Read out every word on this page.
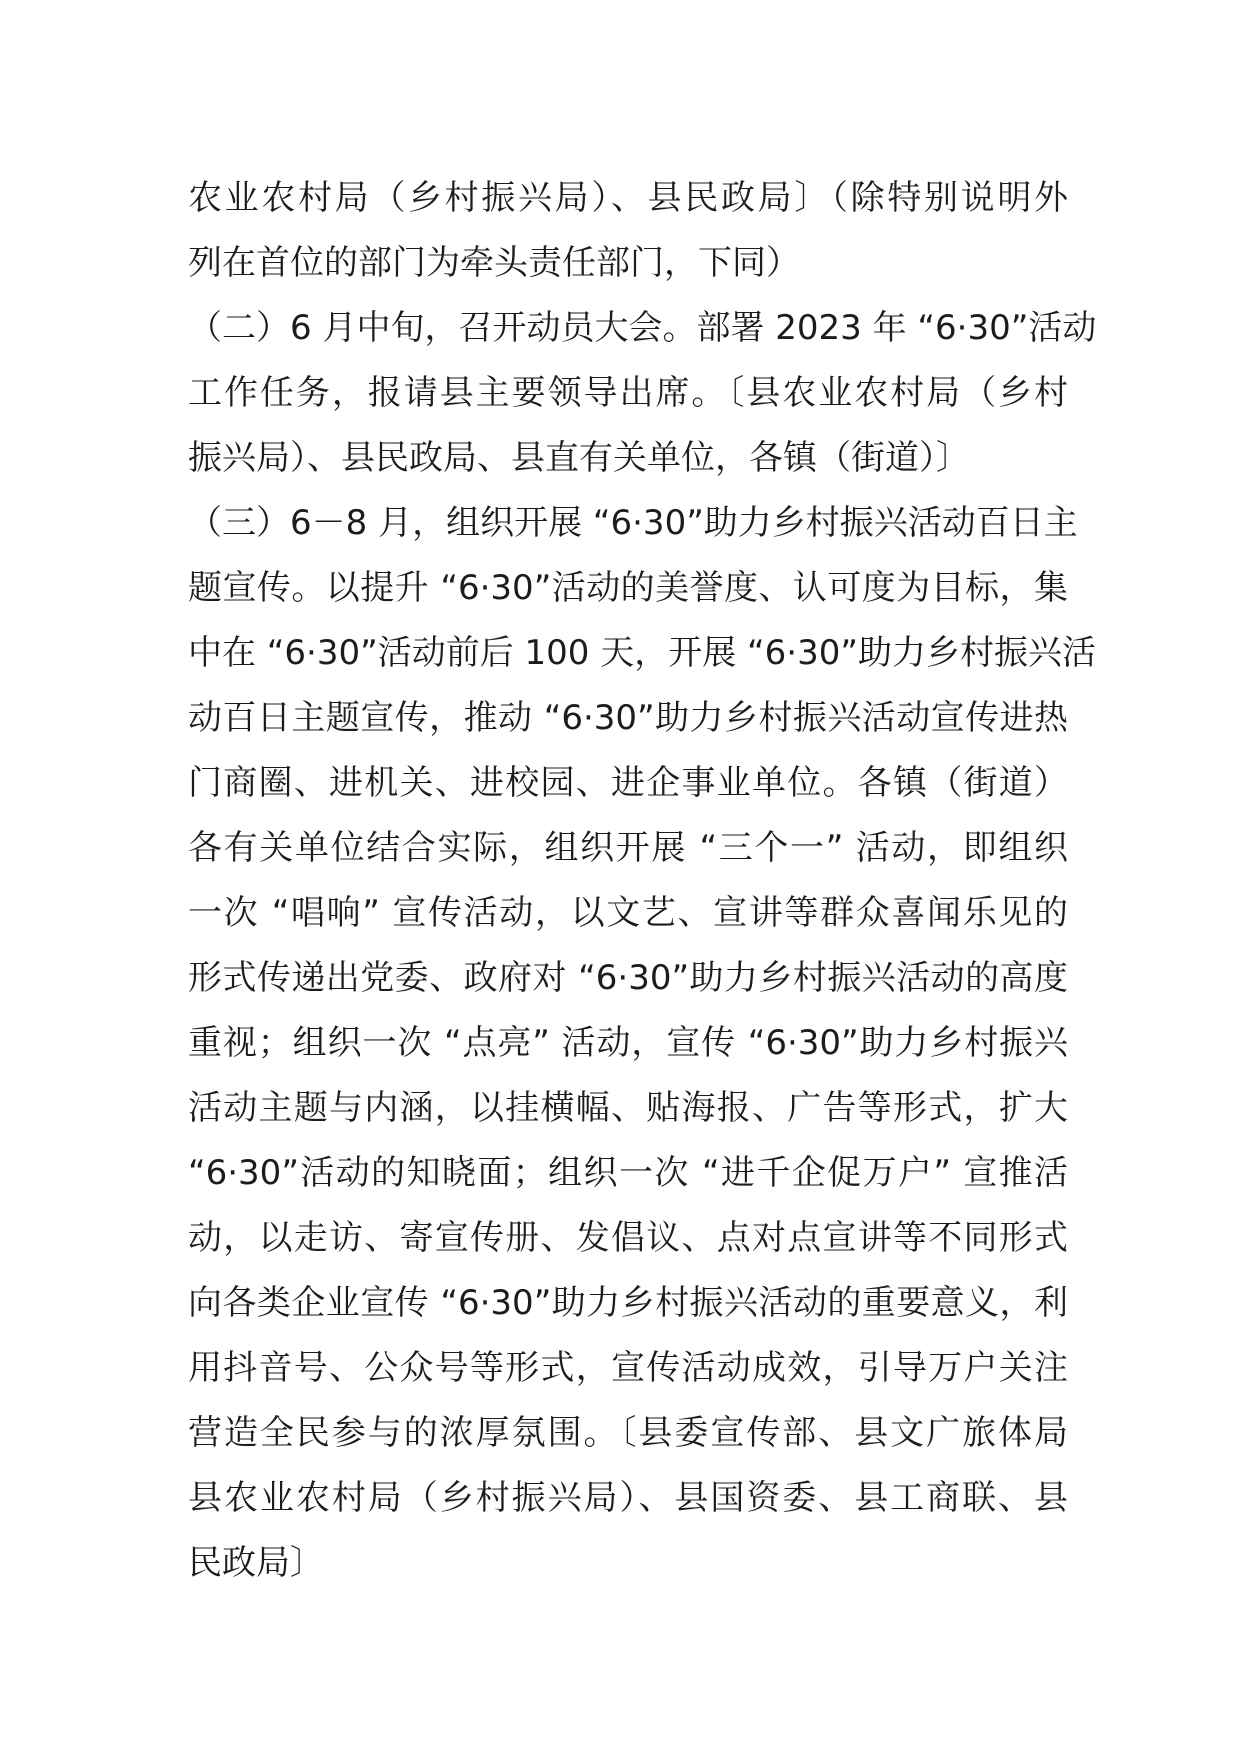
农业农村局（乡村振兴局）、县民政局〕（除特别说明外
列在首位的部门为牵头责任部门，下同）
（二）6 月中旬，召开动员大会。部署 2023 年 “6·30”活动
工作任务，报请县主要领导出席。〔县农业农村局（乡村
振兴局）、县民政局、县直有关单位，各镇（街道）〕
（三）6－8 月，组织开展 “6·30”助力乡村振兴活动百日主
题宣传。以提升 “6·30”活动的美誉度、认可度为目标，集
中在 “6·30”活动前后 100 天，开展 “6·30”助力乡村振兴活
动百日主题宣传，推动 “6·30”助力乡村振兴活动宣传进热
门商圈、进机关、进校园、进企事业单位。各镇（街道）
各有关单位结合实际，组织开展 “三个一” 活动，即组织
一次 “唱响” 宣传活动，以文艺、宣讲等群众喜闻乐见的
形式传递出党委、政府对 “6·30”助力乡村振兴活动的高度
重视；组织一次 “点亮” 活动，宣传 “6·30”助力乡村振兴
活动主题与内涵，以挂横幅、贴海报、广告等形式，扩大
“6·30”活动的知晓面；组织一次 “进千企促万户” 宣推活
动，以走访、寄宣传册、发倡议、点对点宣讲等不同形式
向各类企业宣传 “6·30”助力乡村振兴活动的重要意义，利
用抖音号、公众号等形式，宣传活动成效，引导万户关注
营造全民参与的浓厚氛围。〔县委宣传部、县文广旅体局
县农业农村局（乡村振兴局）、县国资委、县工商联、县
民政局〕
